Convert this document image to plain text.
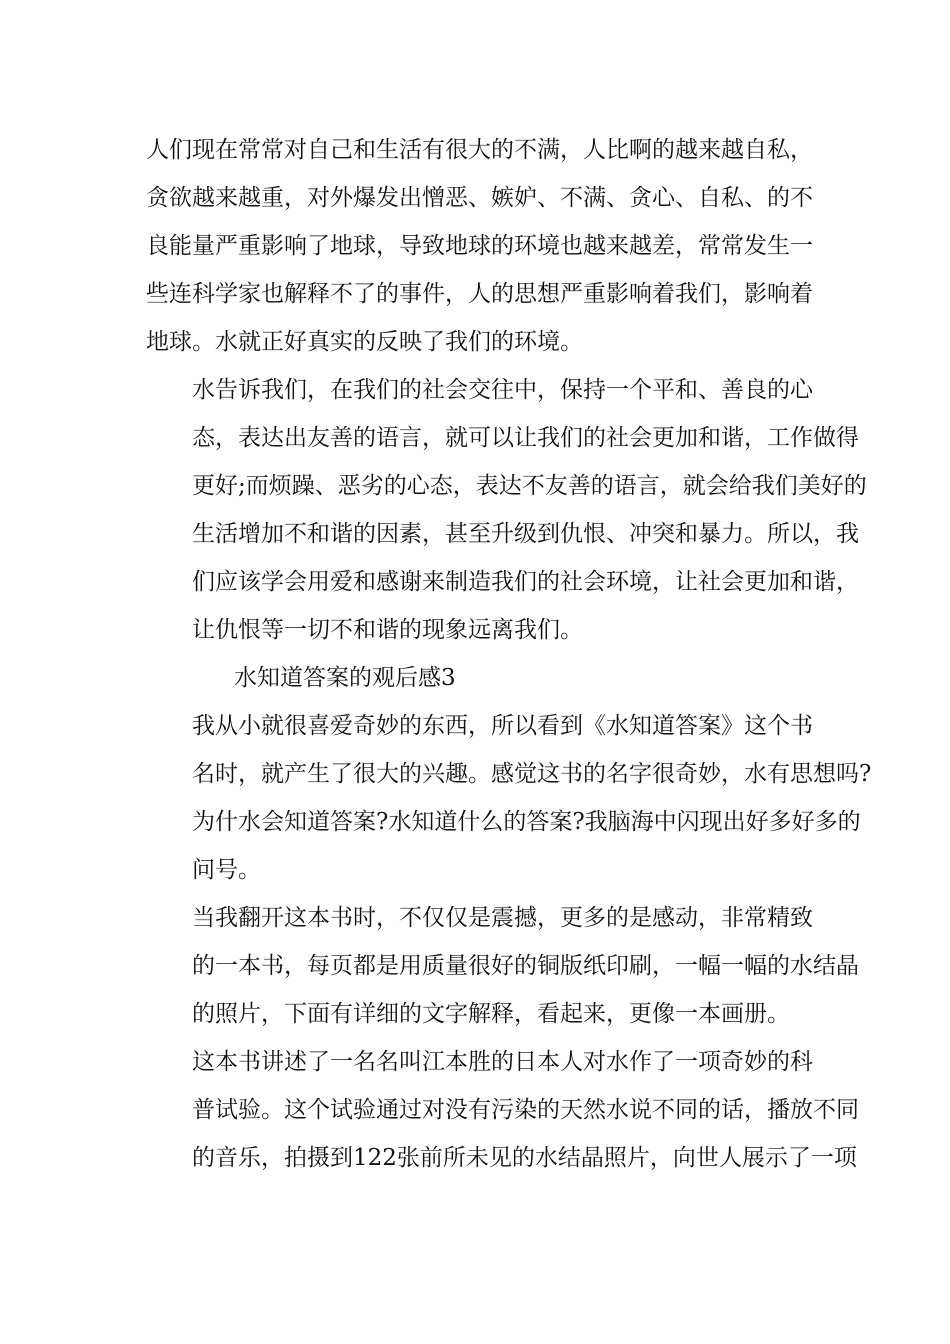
人们现在常常对自己和生活有很大的不满，人比啊的越来越自私，
贪欲越来越重，对外爆发出憎恶、嫉妒、不满、贪心、自私、的不
良能量严重影响了地球，导致地球的环境也越来越差，常常发生一
些连科学家也解释不了的事件，人的思想严重影响着我们，影响着
地球。水就正好真实的反映了我们的环境。

水告诉我们，在我们的社会交往中，保持一个平和、善良的心
态，表达出友善的语言，就可以让我们的社会更加和谐，工作做得
更好;而烦躁、恶劣的心态，表达不友善的语言，就会给我们美好的
生活增加不和谐的因素，甚至升级到仇恨、冲突和暴力。所以，我
们应该学会用爱和感谢来制造我们的社会环境，让社会更加和谐，
让仇恨等一切不和谐的现象远离我们。

水知道答案的观后感3

我从小就很喜爱奇妙的东西，所以看到《水知道答案》这个书
名时，就产生了很大的兴趣。感觉这书的名字很奇妙，水有思想吗?
为什水会知道答案?水知道什么的答案?我脑海中闪现出好多好多的
问号。

当我翻开这本书时，不仅仅是震撼，更多的是感动，非常精致
的一本书，每页都是用质量很好的铜版纸印刷，一幅一幅的水结晶
的照片，下面有详细的文字解释，看起来，更像一本画册。

这本书讲述了一名名叫江本胜的日本人对水作了一项奇妙的科
普试验。这个试验通过对没有污染的天然水说不同的话，播放不同
的音乐，拍摄到122张前所未见的水结晶照片，向世人展示了一项
